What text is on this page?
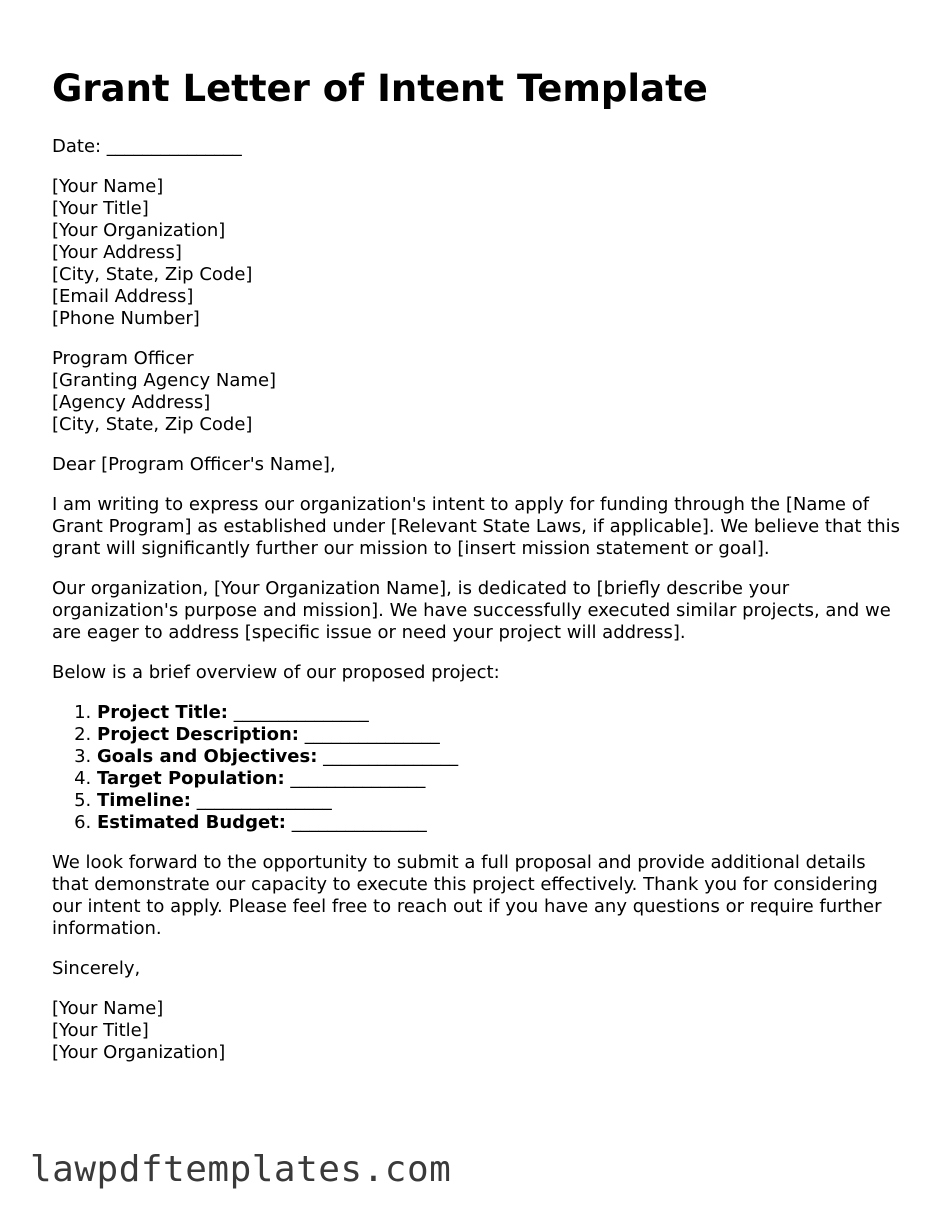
Grant Letter of Intent Template

Date: _______________

[Your Name]
[Your Title]
[Your Organization]
[Your Address]
[City, State, Zip Code]
[Email Address]
[Phone Number]

Program Officer
[Granting Agency Name]
[Agency Address]
[City, State, Zip Code]

Dear [Program Officer's Name],

I am writing to express our organization's intent to apply for funding through the [Name of Grant Program] as established under [Relevant State Laws, if applicable]. We believe that this grant will significantly further our mission to [insert mission statement or goal].

Our organization, [Your Organization Name], is dedicated to [briefly describe your organization's purpose and mission]. We have successfully executed similar projects, and we are eager to address [specific issue or need your project will address].

Below is a brief overview of our proposed project:

1. Project Title: _______________
2. Project Description: _______________
3. Goals and Objectives: _______________
4. Target Population: _______________
5. Timeline: _______________
6. Estimated Budget: _______________

We look forward to the opportunity to submit a full proposal and provide additional details that demonstrate our capacity to execute this project effectively. Thank you for considering our intent to apply. Please feel free to reach out if you have any questions or require further information.

Sincerely,

[Your Name]
[Your Title]
[Your Organization]
lawpdftemplates.com
